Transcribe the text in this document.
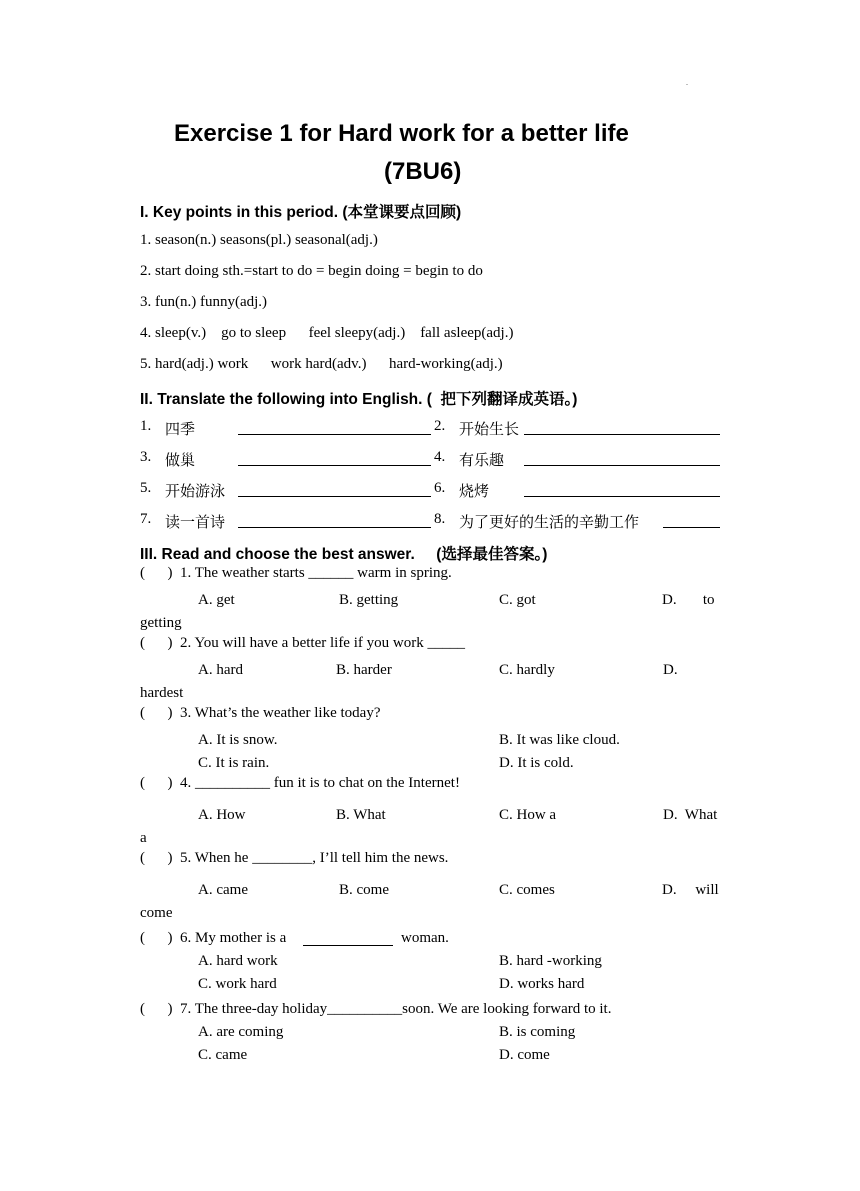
.
Exercise 1 for Hard work for a better life
(7BU6)
I. Key points in this period. (本堂课要点回顾)
1. season(n.) seasons(pl.) seasonal(adj.)
2. start doing sth.=start to do = begin doing = begin to do
3. fun(n.) funny(adj.)
4. sleep(v.)    go to sleep      feel sleepy(adj.)    fall asleep(adj.)
5. hard(adj.) work      work hard(adv.)      hard-working(adj.)
II. Translate the following into English. (  把下列翻译成英语。)
1. 四季	2. 开始生长
3. 做巢	4. 有乐趣
5. 开始游泳	6. 烧烤
7. 读一首诗	8. 为了更好的生活的辛勤工作
III. Read and choose the best answer.     (选择最佳答案。)
(      ) 1. The weather starts ______ warm in spring.
A. get	B. getting	C. got	D.       to
getting
(      ) 2. You will have a better life if you work _____
A. hard	B. harder	C. hardly	D.
hardest
(      ) 3. What’s the weather like today?
A. It is snow.	B. It was like cloud.
C. It is rain.	D. It is cold.
(      ) 4. __________ fun it is to chat on the Internet!
A. How	B. What	C. How a	D.  What
a
(      ) 5. When he ________, I’ll tell him the news.
A. came	B. come	C. comes	D.     will
come
(      ) 6. My mother is a	woman.
A. hard work	B. hard -working
C. work hard	D. works hard
(      ) 7. The three-day holiday__________soon. We are looking forward to it.
A. are coming	B. is coming
C. came	D. come
